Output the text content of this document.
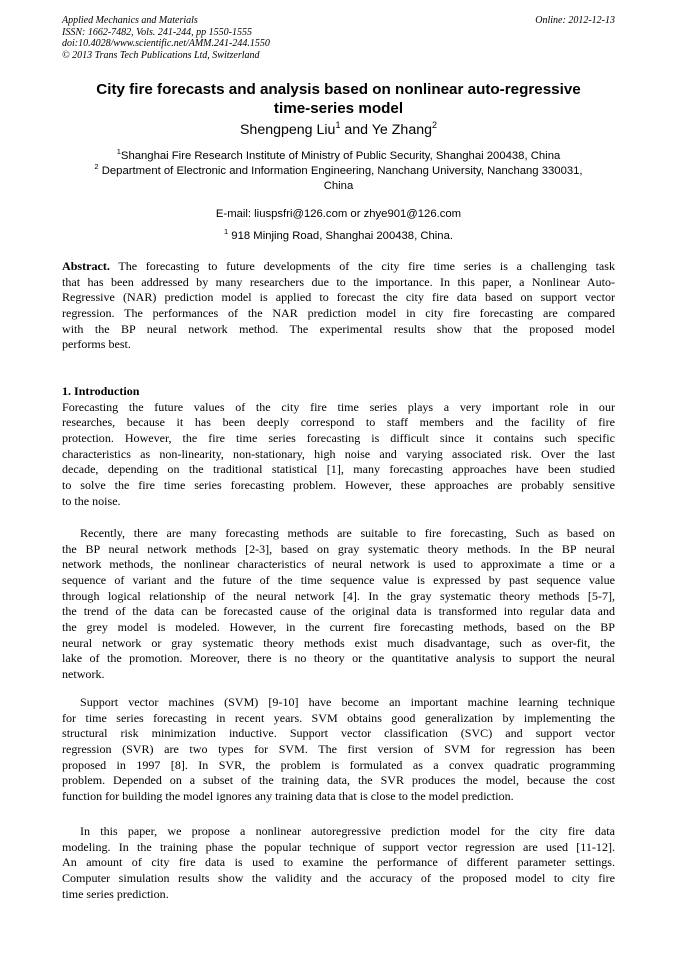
Applied Mechanics and Materials
ISSN: 1662-7482, Vols. 241-244, pp 1550-1555
doi:10.4028/www.scientific.net/AMM.241-244.1550
© 2013 Trans Tech Publications Ltd, Switzerland
Online: 2012-12-13
City fire forecasts and analysis based on nonlinear auto-regressive
time-series model
Shengpeng Liu$^1$ and Ye Zhang$^2$
$^1$Shanghai Fire Research Institute of Ministry of Public Security, Shanghai 200438, China
$^2$ Department of Electronic and Information Engineering, Nanchang University, Nanchang 330031,
China
E-mail: liuspsfri@126.com or zhye901@126.com
$^1$ 918 Minjing Road, Shanghai 200438, China.
Abstract. The forecasting to future developments of the city fire time series is a challenging task
that has been addressed by many researchers due to the importance. In this paper, a Nonlinear Auto-
Regressive (NAR) prediction model is applied to forecast the city fire data based on support vector
regression. The performances of the NAR prediction model in city fire forecasting are compared
with the BP neural network method. The experimental results show that the proposed model
performs best.
1. Introduction
Forecasting the future values of the city fire time series plays a very important role in our
researches, because it has been deeply correspond to staff members and the facility of fire
protection. However, the fire time series forecasting is difficult since it contains such specific
characteristics as non-linearity, non-stationary, high noise and varying associated risk. Over the last
decade, depending on the traditional statistical [1], many forecasting approaches have been studied
to solve the fire time series forecasting problem. However, these approaches are probably sensitive
to the noise.
Recently, there are many forecasting methods are suitable to fire forecasting, Such as based on
the BP neural network methods [2-3], based on gray systematic theory methods. In the BP neural
network methods, the nonlinear characteristics of neural network is used to approximate a time or a
sequence of variant and the future of the time sequence value is expressed by past sequence value
through logical relationship of the neural network [4]. In the gray systematic theory methods [5-7],
the trend of the data can be forecasted cause of the original data is transformed into regular data and
the grey model is modeled. However, in the current fire forecasting methods, based on the BP
neural network or gray systematic theory methods exist much disadvantage, such as over-fit, the
lake of the promotion. Moreover, there is no theory or the quantitative analysis to support the neural
network.
Support vector machines (SVM) [9-10] have become an important machine learning technique
for time series forecasting in recent years. SVM obtains good generalization by implementing the
structural risk minimization inductive. Support vector classification (SVC) and support vector
regression (SVR) are two types for SVM. The first version of SVM for regression has been
proposed in 1997 [8]. In SVR, the problem is formulated as a convex quadratic programming
problem. Depended on a subset of the training data, the SVR produces the model, because the cost
function for building the model ignores any training data that is close to the model prediction.
In this paper, we propose a nonlinear autoregressive prediction model for the city fire data
modeling. In the training phase the popular technique of support vector regression are used [11-12].
An amount of city fire data is used to examine the performance of different parameter settings.
Computer simulation results show the validity and the accuracy of the proposed model to city fire
time series prediction.
